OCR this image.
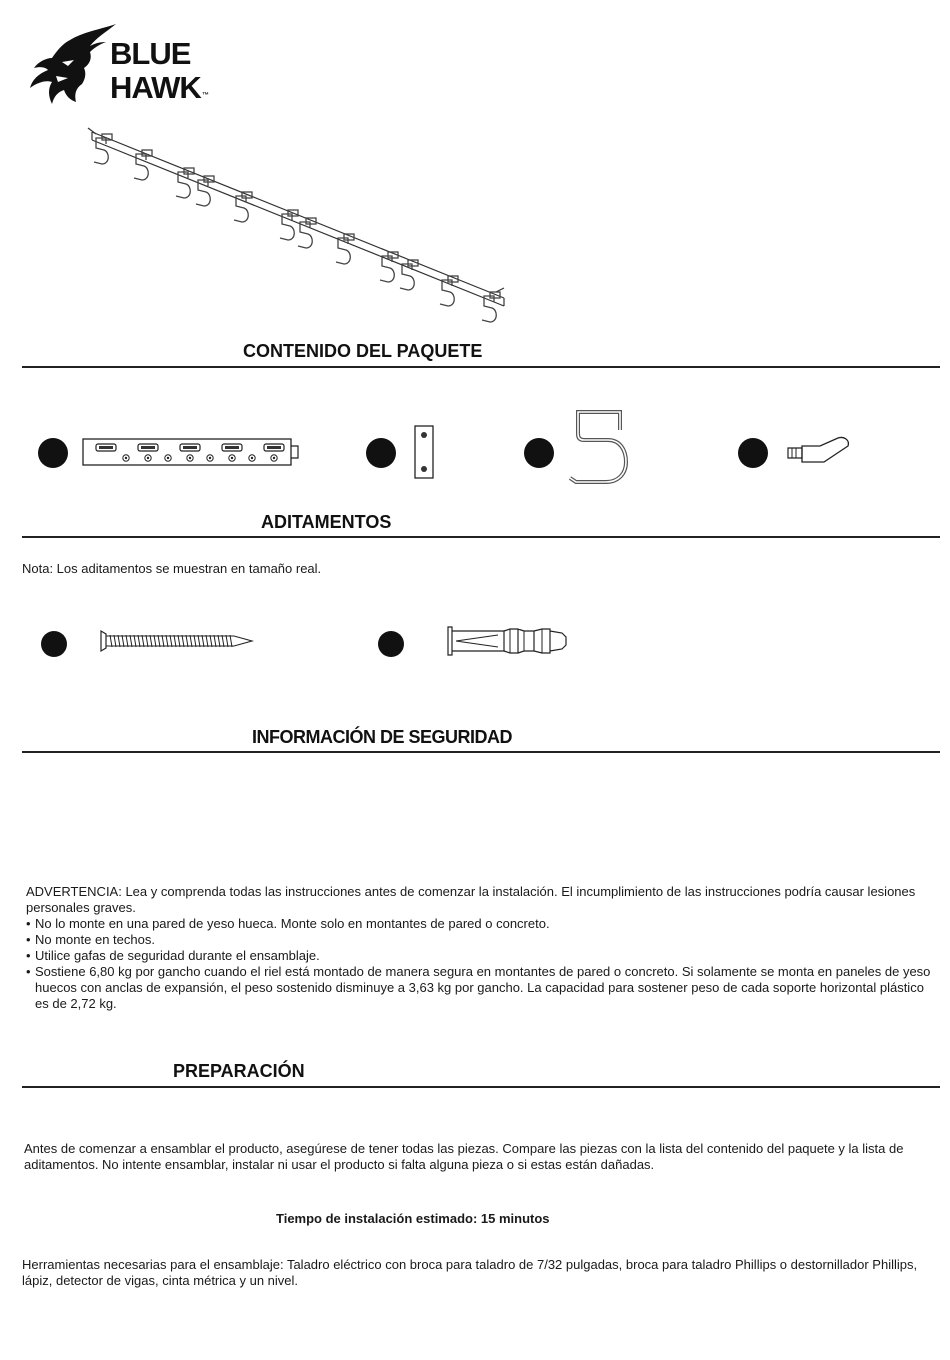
BLUE
HAWK ™
CONTENIDO DEL PAQUETE
ADITAMENTOS
Nota: Los aditamentos se muestran en tamaño real.
INFORMACIÓN DE SEGURIDAD

ADVERTENCIA: Lea y comprenda todas las instrucciones antes de comenzar la instalación. El incumplimiento de las instrucciones podría causar lesiones personales graves.

• No lo monte en una pared de yeso hueca. Monte solo en montantes de pared o concreto.
• No monte en techos.
• Utilice gafas de seguridad durante el ensamblaje.
• Sostiene 6,80 kg por gancho cuando el riel está montado de manera segura en montantes de pared o concreto. Si solamente se monta en paneles de yeso huecos con anclas de expansión, el peso sostenido disminuye a 3,63 kg por gancho. La capacidad para sostener peso de cada soporte horizontal plástico es de 2,72 kg.
PREPARACIÓN
Antes de comenzar a ensamblar el producto, asegúrese de tener todas las piezas. Compare las piezas con la lista del contenido del paquete y la lista de aditamentos. No intente ensamblar, instalar ni usar el producto si falta alguna pieza o si estas están dañadas.
Tiempo de instalación estimado: 15 minutos
Herramientas necesarias para el ensamblaje: Taladro eléctrico con broca para taladro de 7/32 pulgadas, broca para taladro Phillips o destornillador Phillips, lápiz, detector de vigas, cinta métrica y un nivel.
